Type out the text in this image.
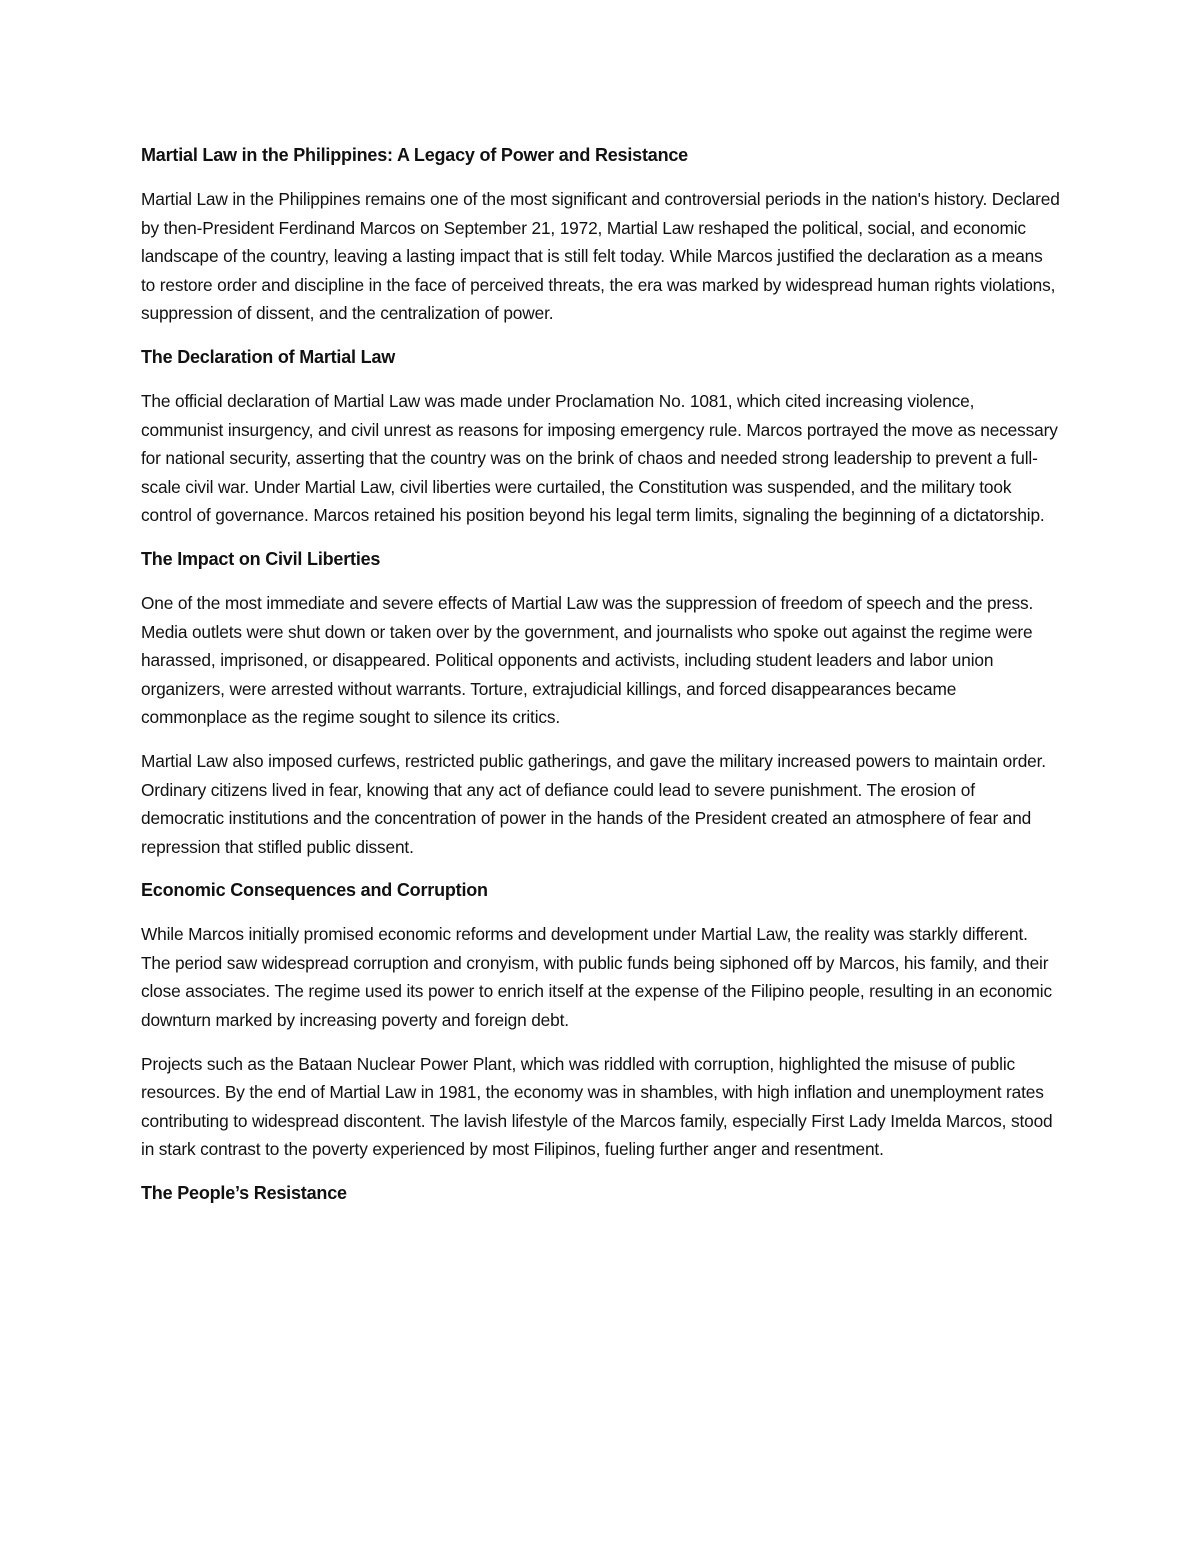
Martial Law in the Philippines: A Legacy of Power and Resistance

Martial Law in the Philippines remains one of the most significant and controversial periods in the nation's history. Declared by then-President Ferdinand Marcos on September 21, 1972, Martial Law reshaped the political, social, and economic landscape of the country, leaving a lasting impact that is still felt today. While Marcos justified the declaration as a means to restore order and discipline in the face of perceived threats, the era was marked by widespread human rights violations, suppression of dissent, and the centralization of power.

The Declaration of Martial Law

The official declaration of Martial Law was made under Proclamation No. 1081, which cited increasing violence, communist insurgency, and civil unrest as reasons for imposing emergency rule. Marcos portrayed the move as necessary for national security, asserting that the country was on the brink of chaos and needed strong leadership to prevent a full-scale civil war. Under Martial Law, civil liberties were curtailed, the Constitution was suspended, and the military took control of governance. Marcos retained his position beyond his legal term limits, signaling the beginning of a dictatorship.

The Impact on Civil Liberties

One of the most immediate and severe effects of Martial Law was the suppression of freedom of speech and the press. Media outlets were shut down or taken over by the government, and journalists who spoke out against the regime were harassed, imprisoned, or disappeared. Political opponents and activists, including student leaders and labor union organizers, were arrested without warrants. Torture, extrajudicial killings, and forced disappearances became commonplace as the regime sought to silence its critics.

Martial Law also imposed curfews, restricted public gatherings, and gave the military increased powers to maintain order. Ordinary citizens lived in fear, knowing that any act of defiance could lead to severe punishment. The erosion of democratic institutions and the concentration of power in the hands of the President created an atmosphere of fear and repression that stifled public dissent.

Economic Consequences and Corruption

While Marcos initially promised economic reforms and development under Martial Law, the reality was starkly different. The period saw widespread corruption and cronyism, with public funds being siphoned off by Marcos, his family, and their close associates. The regime used its power to enrich itself at the expense of the Filipino people, resulting in an economic downturn marked by increasing poverty and foreign debt.

Projects such as the Bataan Nuclear Power Plant, which was riddled with corruption, highlighted the misuse of public resources. By the end of Martial Law in 1981, the economy was in shambles, with high inflation and unemployment rates contributing to widespread discontent. The lavish lifestyle of the Marcos family, especially First Lady Imelda Marcos, stood in stark contrast to the poverty experienced by most Filipinos, fueling further anger and resentment.

The People’s Resistance
